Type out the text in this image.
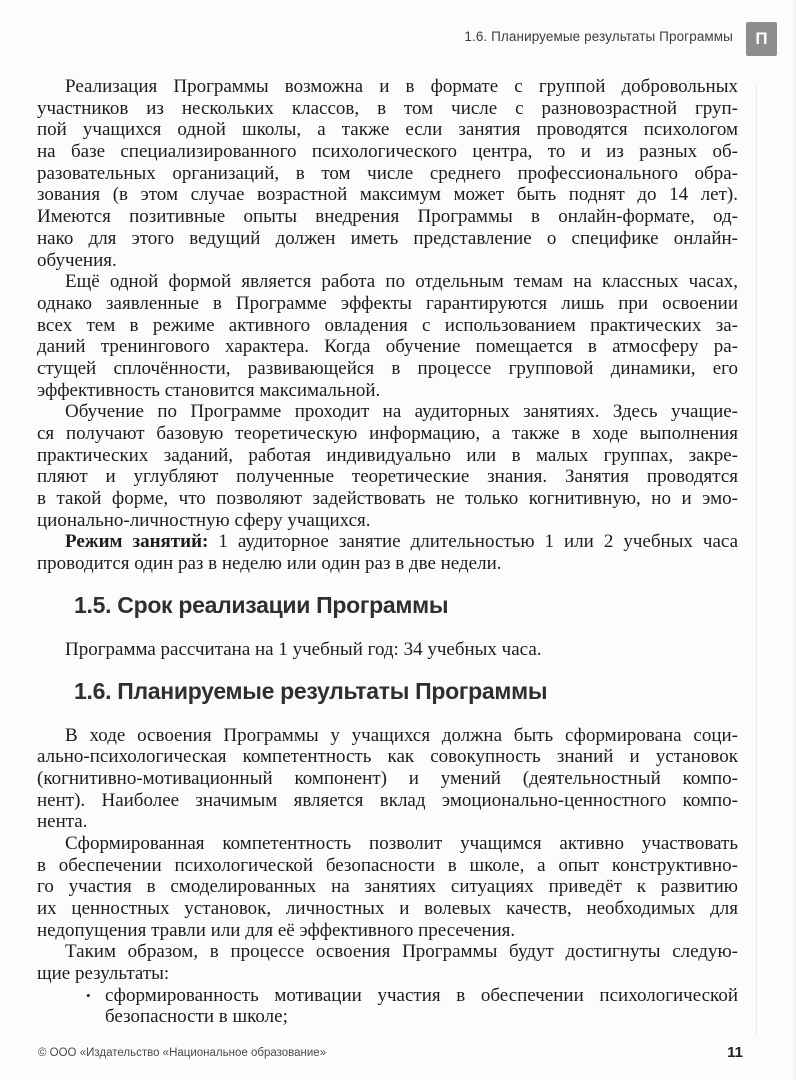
1.6. Планируемые результаты Программы	П
Реализация Программы возможна и в формате с группой добровольных
участников из нескольких классов, в том числе с разновозрастной груп-
пой учащихся одной школы, а также если занятия проводятся психологом
на базе специализированного психологического центра, то и из разных об-
разовательных организаций, в том числе среднего профессионального обра-
зования (в этом случае возрастной максимум может быть поднят до 14 лет).
Имеются позитивные опыты внедрения Программы в онлайн-формате, од-
нако для этого ведущий должен иметь представление о специфике онлайн-
обучения.
Ещё одной формой является работа по отдельным темам на классных часах,
однако заявленные в Программе эффекты гарантируются лишь при освоении
всех тем в режиме активного овладения с использованием практических за-
даний тренингового характера. Когда обучение помещается в атмосферу ра-
стущей сплочённости, развивающейся в процессе групповой динамики, его
эффективность становится максимальной.
Обучение по Программе проходит на аудиторных занятиях. Здесь учащие-
ся получают базовую теоретическую информацию, а также в ходе выполнения
практических заданий, работая индивидуально или в малых группах, закре-
пляют и углубляют полученные теоретические знания. Занятия проводятся
в такой форме, что позволяют задействовать не только когнитивную, но и эмо-
ционально-личностную сферу учащихся.
Режим занятий: 1 аудиторное занятие длительностью 1 или 2 учебных часа
проводится один раз в неделю или один раз в две недели.
1.5. Срок реализации Программы
Программа рассчитана на 1 учебный год: 34 учебных часа.
1.6. Планируемые результаты Программы
В ходе освоения Программы у учащихся должна быть сформирована соци-
ально-психологическая компетентность как совокупность знаний и установок
(когнитивно-мотивационный компонент) и умений (деятельностный компо-
нент). Наиболее значимым является вклад эмоционально-ценностного компо-
нента.
Сформированная компетентность позволит учащимся активно участвовать
в обеспечении психологической безопасности в школе, а опыт конструктивно-
го участия в смоделированных на занятиях ситуациях приведёт к развитию
их ценностных установок, личностных и волевых качеств, необходимых для
недопущения травли или для её эффективного пресечения.
Таким образом, в процессе освоения Программы будут достигнуты следую-
щие результаты:
• сформированность мотивации участия в обеспечении психологической
безопасности в школе;
© ООО «Издательство «Национальное образование»	11
